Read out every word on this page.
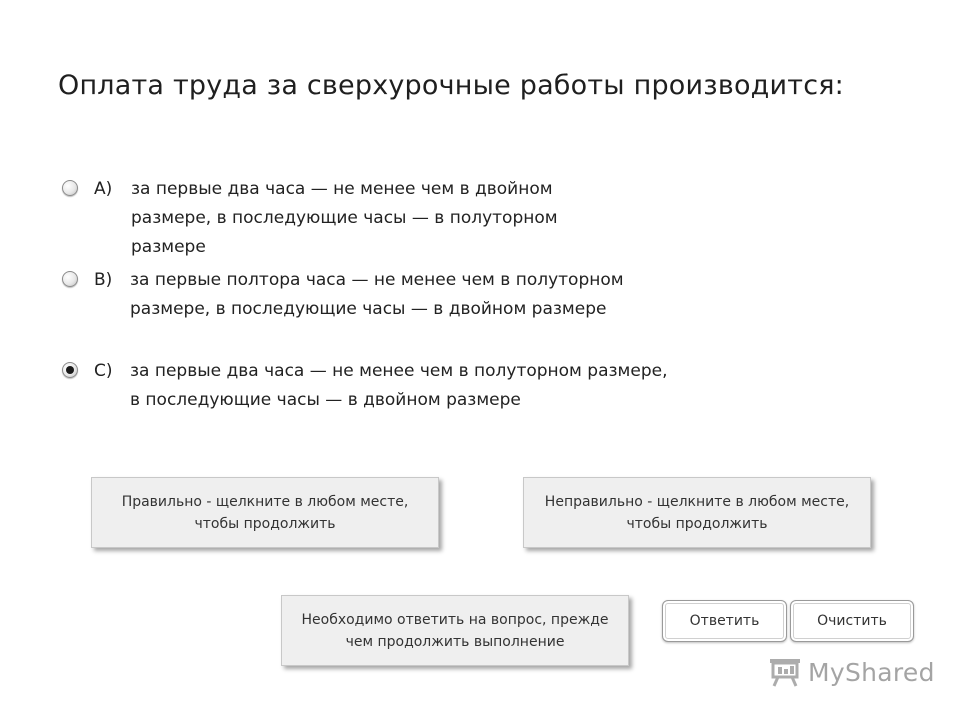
Оплата труда за сверхурочные работы производится:
A)	за первые два часа — не менее чем в двойном размере, в последующие часы — в полуторном размере
B)	за первые полтора часа — не менее чем в полуторном размере, в последующие часы — в двойном размере
C)	за первые два часа — не менее чем в полуторном размере, в последующие часы — в двойном размере
Правильно - щелкните в любом месте, чтобы продолжить
Неправильно - щелкните в любом месте, чтобы продолжить
Необходимо ответить на вопрос, прежде чем продолжить выполнение
Ответить	Очистить
MyShared
